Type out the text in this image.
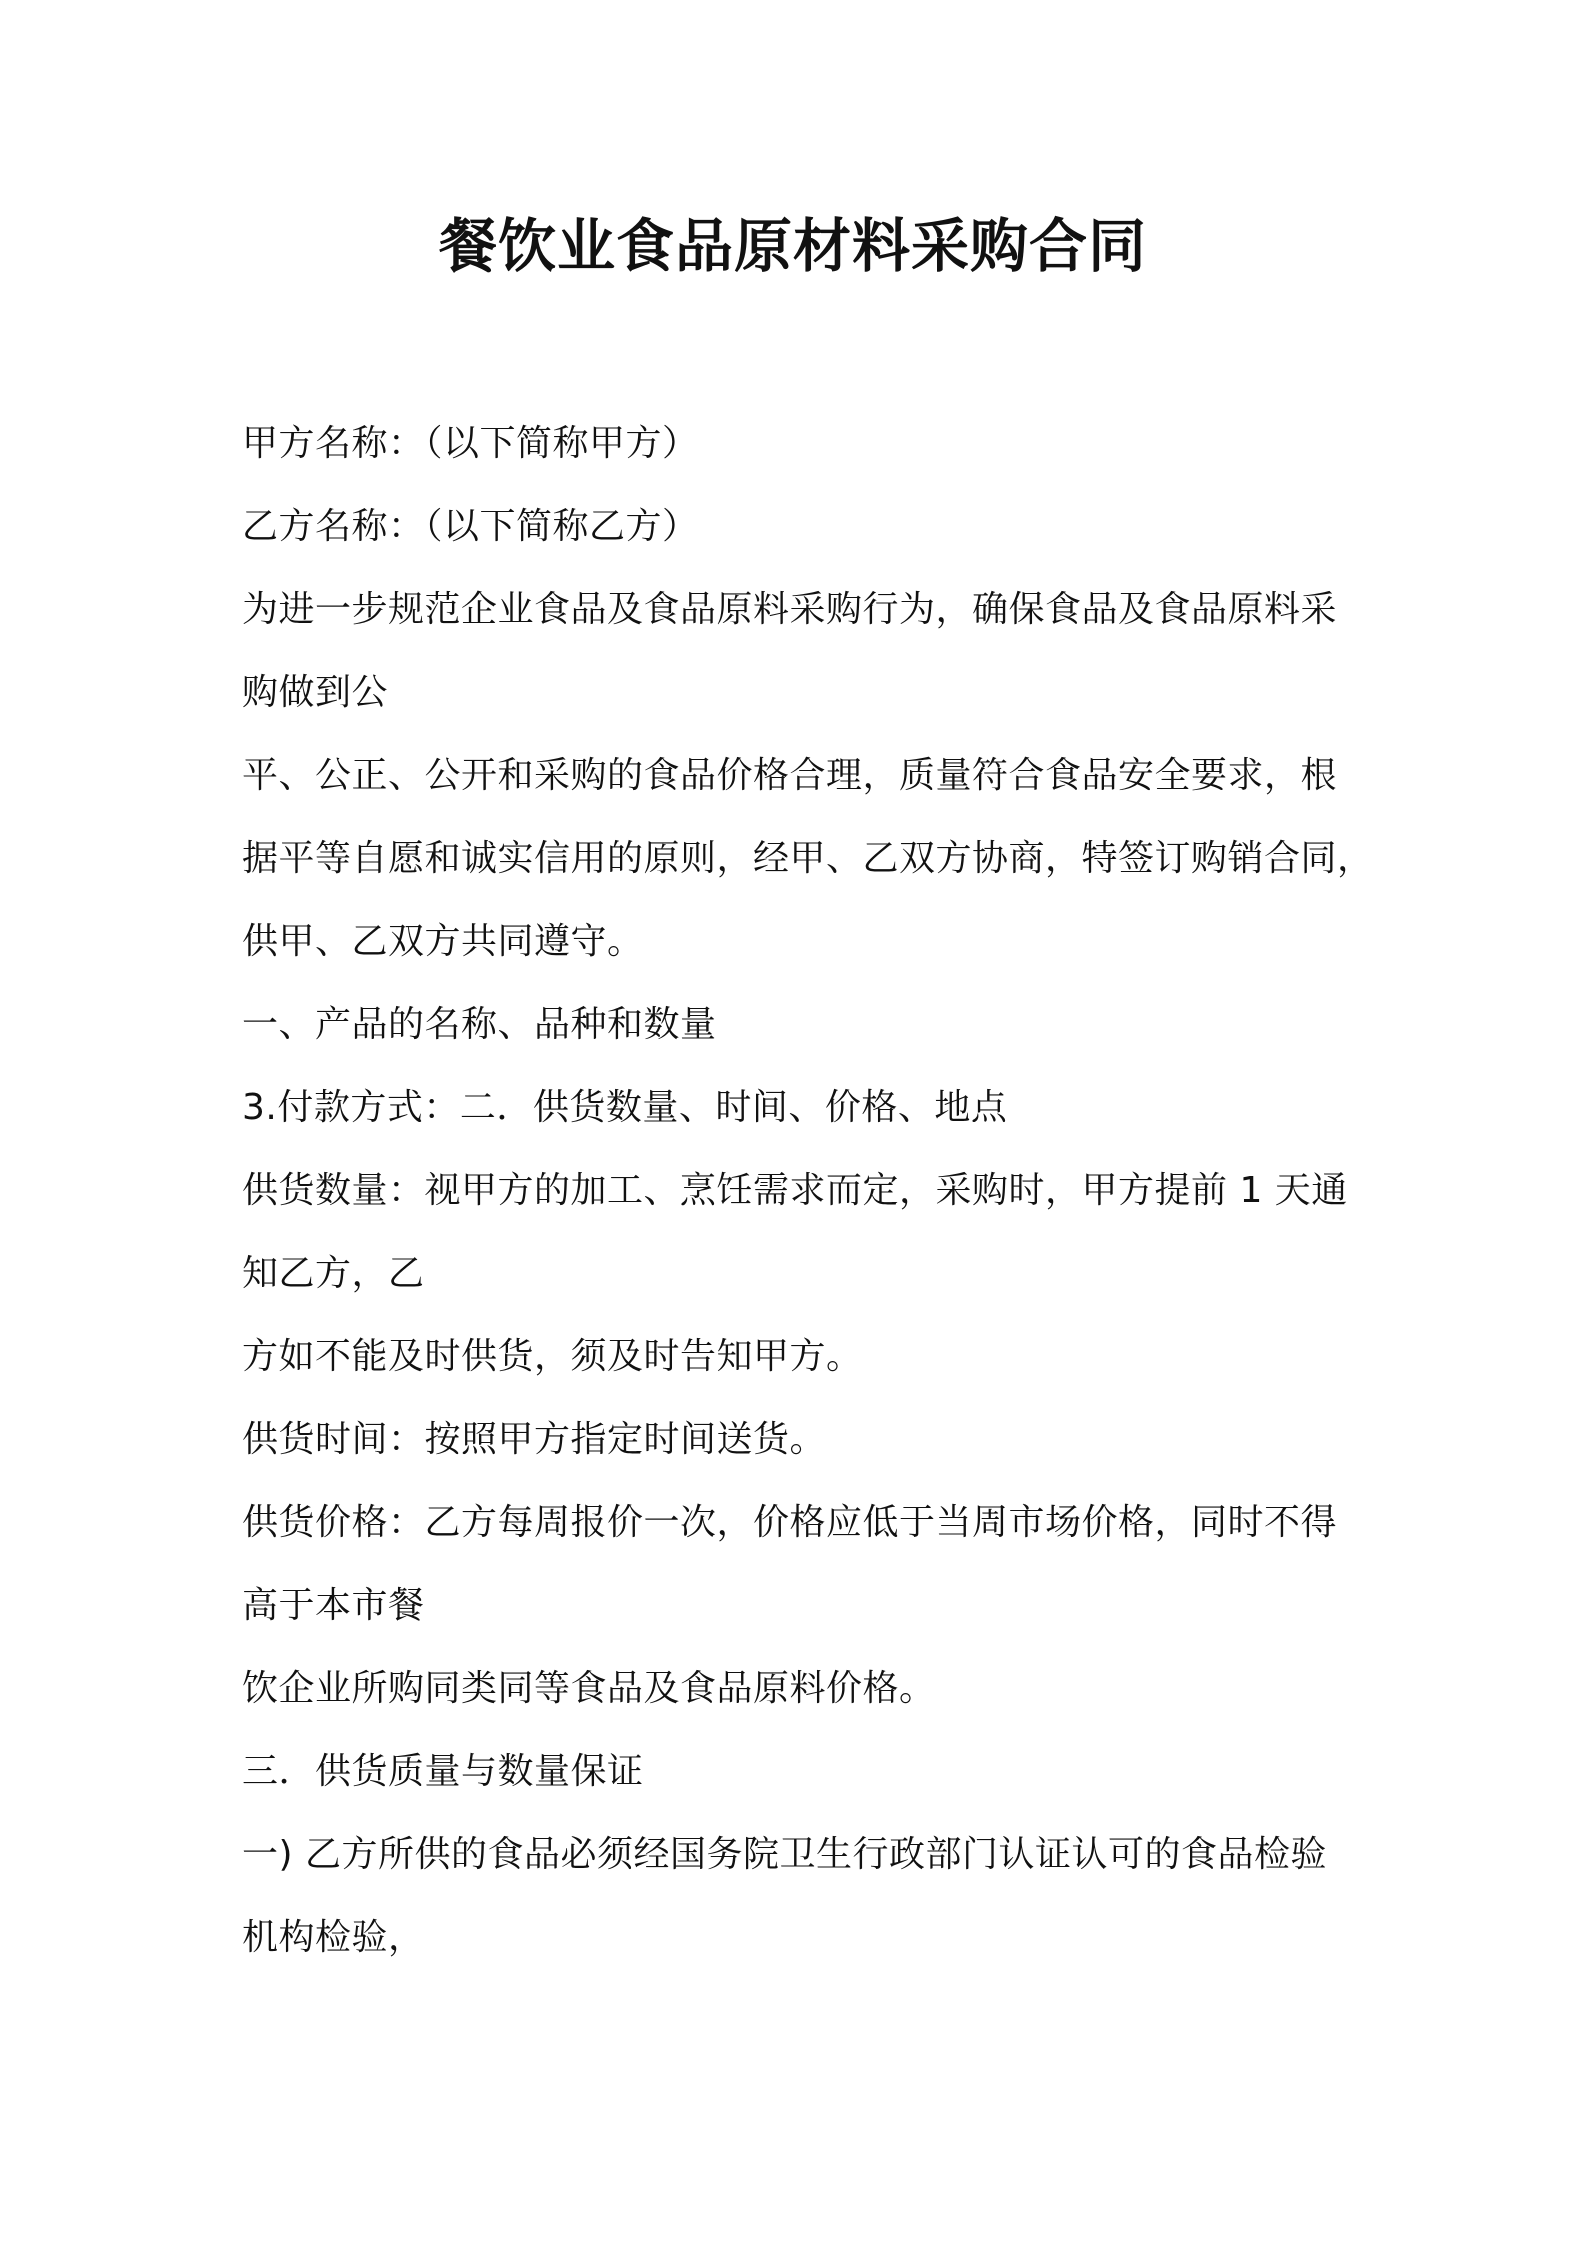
餐饮业食品原材料采购合同

甲方名称：（以下简称甲方）

乙方名称：（以下简称乙方）

为进一步规范企业食品及食品原料采购行为，确保食品及食品原料采

购做到公

平、公正、公开和采购的食品价格合理，质量符合食品安全要求，根

据平等自愿和诚实信用的原则，经甲、乙双方协商，特签订购销合同，

供甲、乙双方共同遵守。

一、产品的名称、品种和数量

3.付款方式：二．供货数量、时间、价格、地点

供货数量：视甲方的加工、烹饪需求而定，采购时，甲方提前 1 天通

知乙方，乙

方如不能及时供货，须及时告知甲方。

供货时间：按照甲方指定时间送货。

供货价格：乙方每周报价一次，价格应低于当周市场价格，同时不得

高于本市餐

饮企业所购同类同等食品及食品原料价格。

三．供货质量与数量保证

一) 乙方所供的食品必须经国务院卫生行政部门认证认可的食品检验

机构检验，
